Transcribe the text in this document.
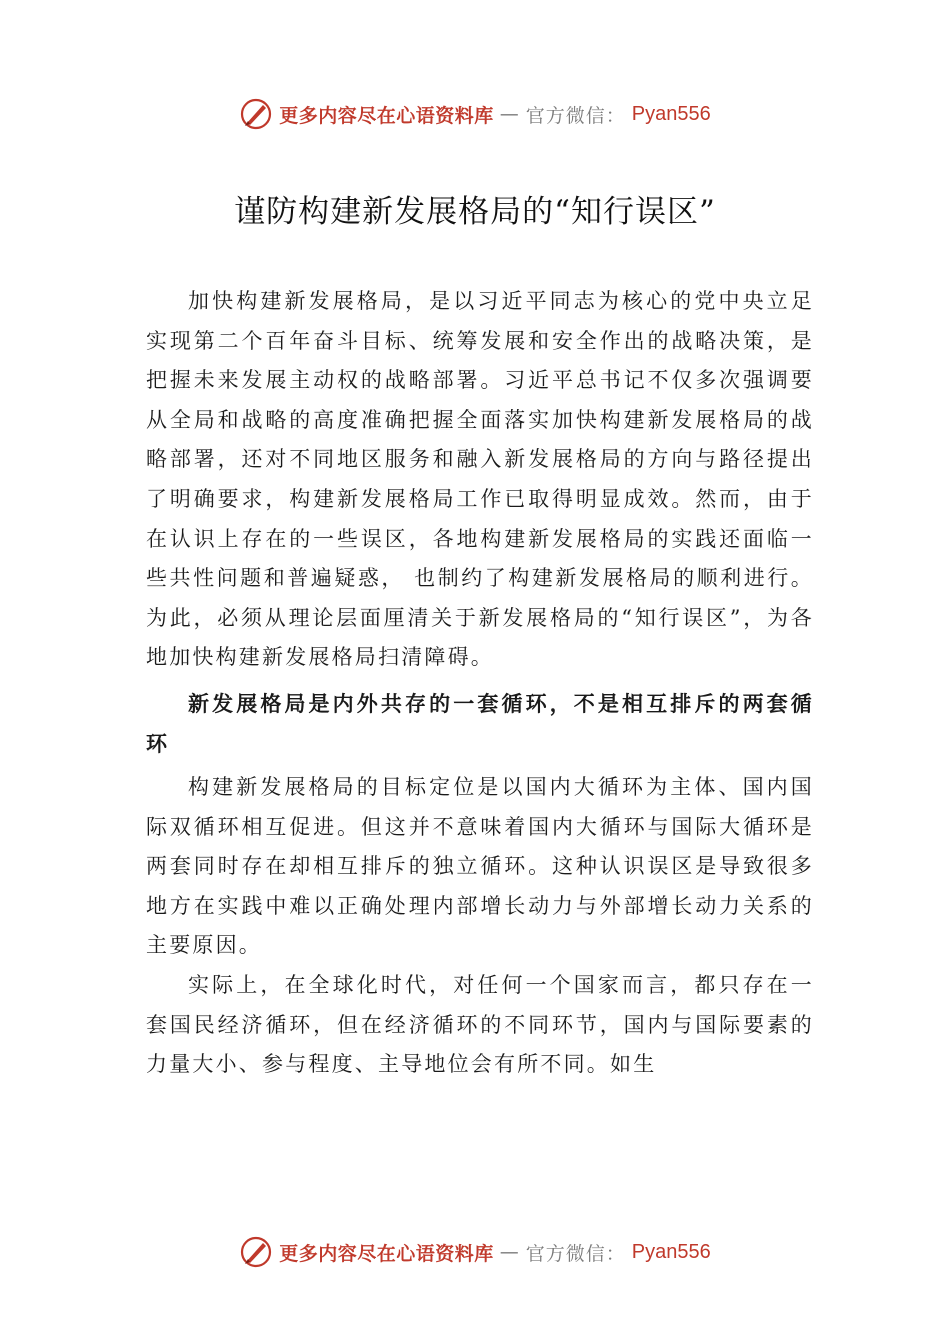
更多内容尽在心语资料库 — 官方微信： Pyan556
谨防构建新发展格局的“知行误区”

加快构建新发展格局，是以习近平同志为核心的党中央立足实现第二个百年奋斗目标、统筹发展和安全作出的战略决策，是把握未来发展主动权的战略部署。习近平总书记不仅多次强调要从全局和战略的高度准确把握全面落实加快构建新发展格局的战略部署，还对不同地区服务和融入新发展格局的方向与路径提出了明确要求，构建新发展格局工作已取得明显成效。然而，由于在认识上存在的一些误区，各地构建新发展格局的实践还面临一些共性问题和普遍疑惑， 也制约了构建新发展格局的顺利进行。为此，必须从理论层面厘清关于新发展格局的“知行误区”，为各地加快构建新发展格局扫清障碍。

新发展格局是内外共存的一套循环，不是相互排斥的两套循环

构建新发展格局的目标定位是以国内大循环为主体、国内国际双循环相互促进。但这并不意味着国内大循环与国际大循环是两套同时存在却相互排斥的独立循环。这种认识误区是导致很多地方在实践中难以正确处理内部增长动力与外部增长动力关系的主要原因。

实际上，在全球化时代，对任何一个国家而言，都只存在一套国民经济循环，但在经济循环的不同环节，国内与国际要素的力量大小、参与程度、主导地位会有所不同。如生

更多内容尽在心语资料库 — 官方微信： Pyan556
